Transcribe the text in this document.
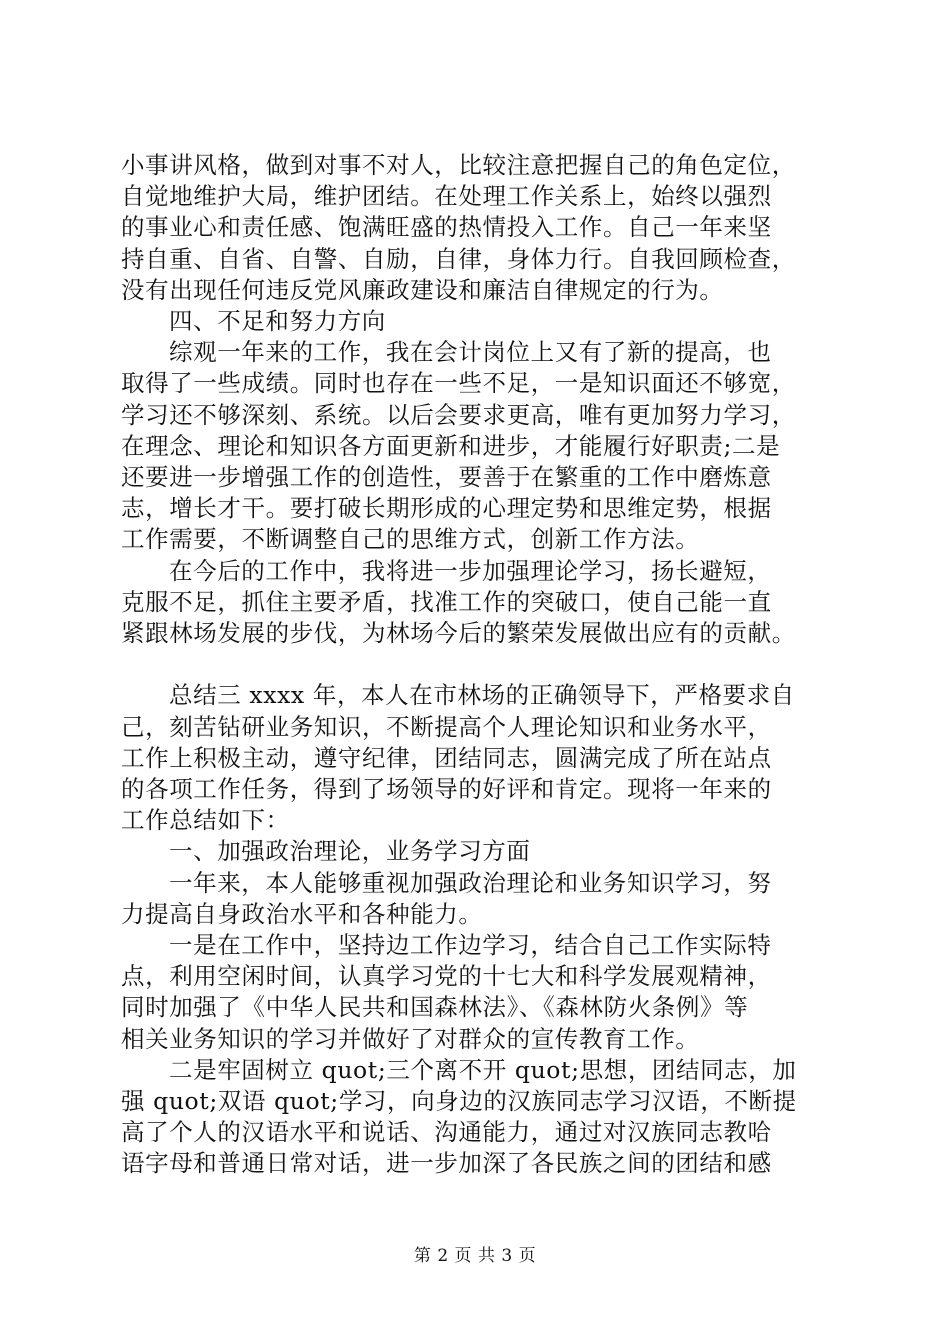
小事讲风格，做到对事不对人，比较注意把握自己的角色定位，
自觉地维护大局，维护团结。在处理工作关系上，始终以强烈
的事业心和责任感、饱满旺盛的热情投入工作。自己一年来坚
持自重、自省、自警、自励，自律，身体力行。自我回顾检查，
没有出现任何违反党风廉政建设和廉洁自律规定的行为。
四、不足和努力方向
综观一年来的工作，我在会计岗位上又有了新的提高，也
取得了一些成绩。同时也存在一些不足，一是知识面还不够宽，
学习还不够深刻、系统。以后会要求更高，唯有更加努力学习，
在理念、理论和知识各方面更新和进步，才能履行好职责;二是
还要进一步增强工作的创造性，要善于在繁重的工作中磨炼意
志，增长才干。要打破长期形成的心理定势和思维定势，根据
工作需要，不断调整自己的思维方式，创新工作方法。
在今后的工作中，我将进一步加强理论学习，扬长避短，
克服不足，抓住主要矛盾，找准工作的突破口，使自己能一直
紧跟林场发展的步伐，为林场今后的繁荣发展做出应有的贡献。
总结三 xxxx 年，本人在市林场的正确领导下，严格要求自
己，刻苦钻研业务知识，不断提高个人理论知识和业务水平，
工作上积极主动，遵守纪律，团结同志，圆满完成了所在站点
的各项工作任务，得到了场领导的好评和肯定。现将一年来的
工作总结如下：
一、加强政治理论，业务学习方面
一年来，本人能够重视加强政治理论和业务知识学习，努
力提高自身政治水平和各种能力。
一是在工作中，坚持边工作边学习，结合自己工作实际特
点，利用空闲时间，认真学习党的十七大和科学发展观精神，
同时加强了《中华人民共和国森林法》、《森林防火条例》等
相关业务知识的学习并做好了对群众的宣传教育工作。
二是牢固树立 quot;三个离不开 quot;思想，团结同志，加
强 quot;双语 quot;学习，向身边的汉族同志学习汉语，不断提
高了个人的汉语水平和说话、沟通能力，通过对汉族同志教哈
语字母和普通日常对话，进一步加深了各民族之间的团结和感
第 2 页 共 3 页
